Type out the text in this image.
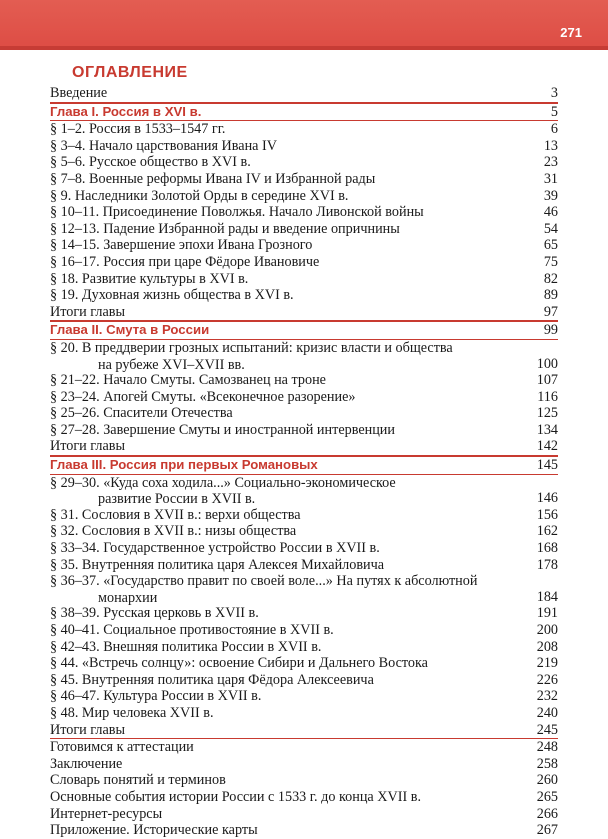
271
ОГЛАВЛЕНИЕ
Введение	3
Глава I. Россия в XVI в.	5
§ 1–2. Россия в 1533–1547 гг.	6
§ 3–4. Начало царствования Ивана IV	13
§ 5–6. Русское общество в XVI в.	23
§ 7–8. Военные реформы Ивана IV и Избранной рады	31
§ 9. Наследники Золотой Орды в середине XVI в.	39
§ 10–11. Присоединение Поволжья. Начало Ливонской войны	46
§ 12–13. Падение Избранной рады и введение опричнины	54
§ 14–15. Завершение эпохи Ивана Грозного	65
§ 16–17. Россия при царе Фёдоре Ивановиче	75
§ 18. Развитие культуры в XVI в.	82
§ 19. Духовная жизнь общества в XVI в.	89
Итоги главы	97
Глава II. Смута в России	99
§ 20. В преддверии грозных испытаний: кризис власти и общества
на рубеже XVI–XVII вв.	100
§ 21–22. Начало Смуты. Самозванец на троне	107
§ 23–24. Апогей Смуты. «Всеконечное разорение»	116
§ 25–26. Спасители Отечества	125
§ 27–28. Завершение Смуты и иностранной интервенции	134
Итоги главы	142
Глава III. Россия при первых Романовых	145
§ 29–30. «Куда соха ходила...» Социально-экономическое
развитие России в XVII в.	146
§ 31. Сословия в XVII в.: верхи общества	156
§ 32. Сословия в XVII в.: низы общества	162
§ 33–34. Государственное устройство России в XVII в.	168
§ 35. Внутренняя политика царя Алексея Михайловича	178
§ 36–37. «Государство правит по своей воле...» На путях к абсолютной
монархии	184
§ 38–39. Русская церковь в XVII в.	191
§ 40–41. Социальное противостояние в XVII в.	200
§ 42–43. Внешняя политика России в XVII в.	208
§ 44. «Встречь солнцу»: освоение Сибири и Дальнего Востока	219
§ 45. Внутренняя политика царя Фёдора Алексеевича	226
§ 46–47. Культура России в XVII в.	232
§ 48. Мир человека XVII в.	240
Итоги главы	245
Готовимся к аттестации	248
Заключение	258
Словарь понятий и терминов	260
Основные события истории России с 1533 г. до конца XVII в.	265
Интернет-ресурсы	266
Приложение. Исторические карты	267
